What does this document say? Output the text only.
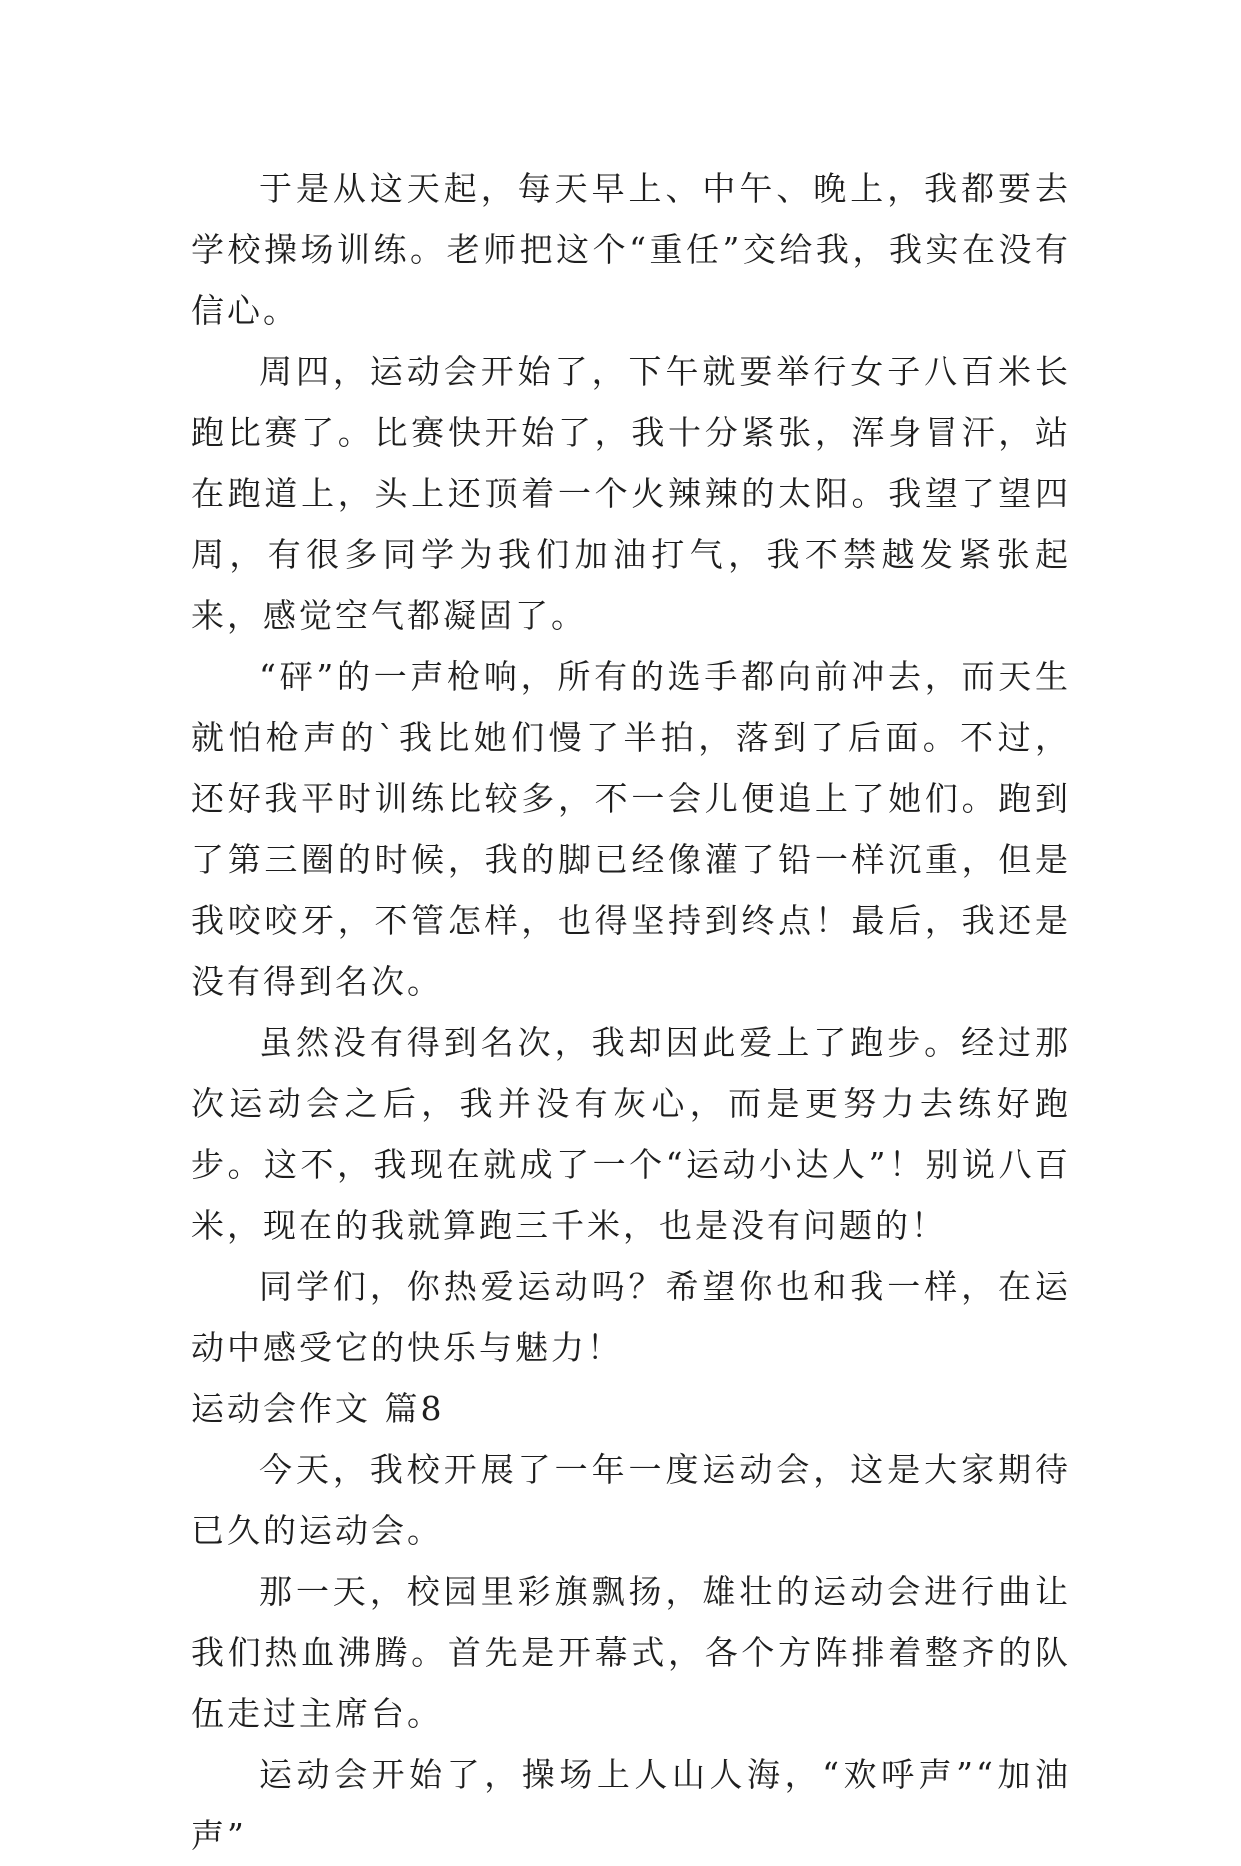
于是从这天起，每天早上、中午、晚上，我都要去学校操场训练。老师把这个“重任”交给我，我实在没有信心。

周四，运动会开始了，下午就要举行女子八百米长跑比赛了。比赛快开始了，我十分紧张，浑身冒汗，站在跑道上，头上还顶着一个火辣辣的太阳。我望了望四周，有很多同学为我们加油打气，我不禁越发紧张起来，感觉空气都凝固了。

“砰”的一声枪响，所有的选手都向前冲去，而天生就怕枪声的`我比她们慢了半拍，落到了后面。不过，还好我平时训练比较多，不一会儿便追上了她们。跑到了第三圈的时候，我的脚已经像灌了铅一样沉重，但是我咬咬牙，不管怎样，也得坚持到终点！最后，我还是没有得到名次。

虽然没有得到名次，我却因此爱上了跑步。经过那次运动会之后，我并没有灰心，而是更努力去练好跑步。这不，我现在就成了一个“运动小达人”！别说八百米，现在的我就算跑三千米，也是没有问题的！

同学们，你热爱运动吗？希望你也和我一样，在运动中感受它的快乐与魅力！

运动会作文 篇8

今天，我校开展了一年一度运动会，这是大家期待已久的运动会。

那一天，校园里彩旗飘扬，雄壮的运动会进行曲让我们热血沸腾。首先是开幕式，各个方阵排着整齐的队伍走过主席台。

运动会开始了，操场上人山人海，“欢呼声”“加油声”
